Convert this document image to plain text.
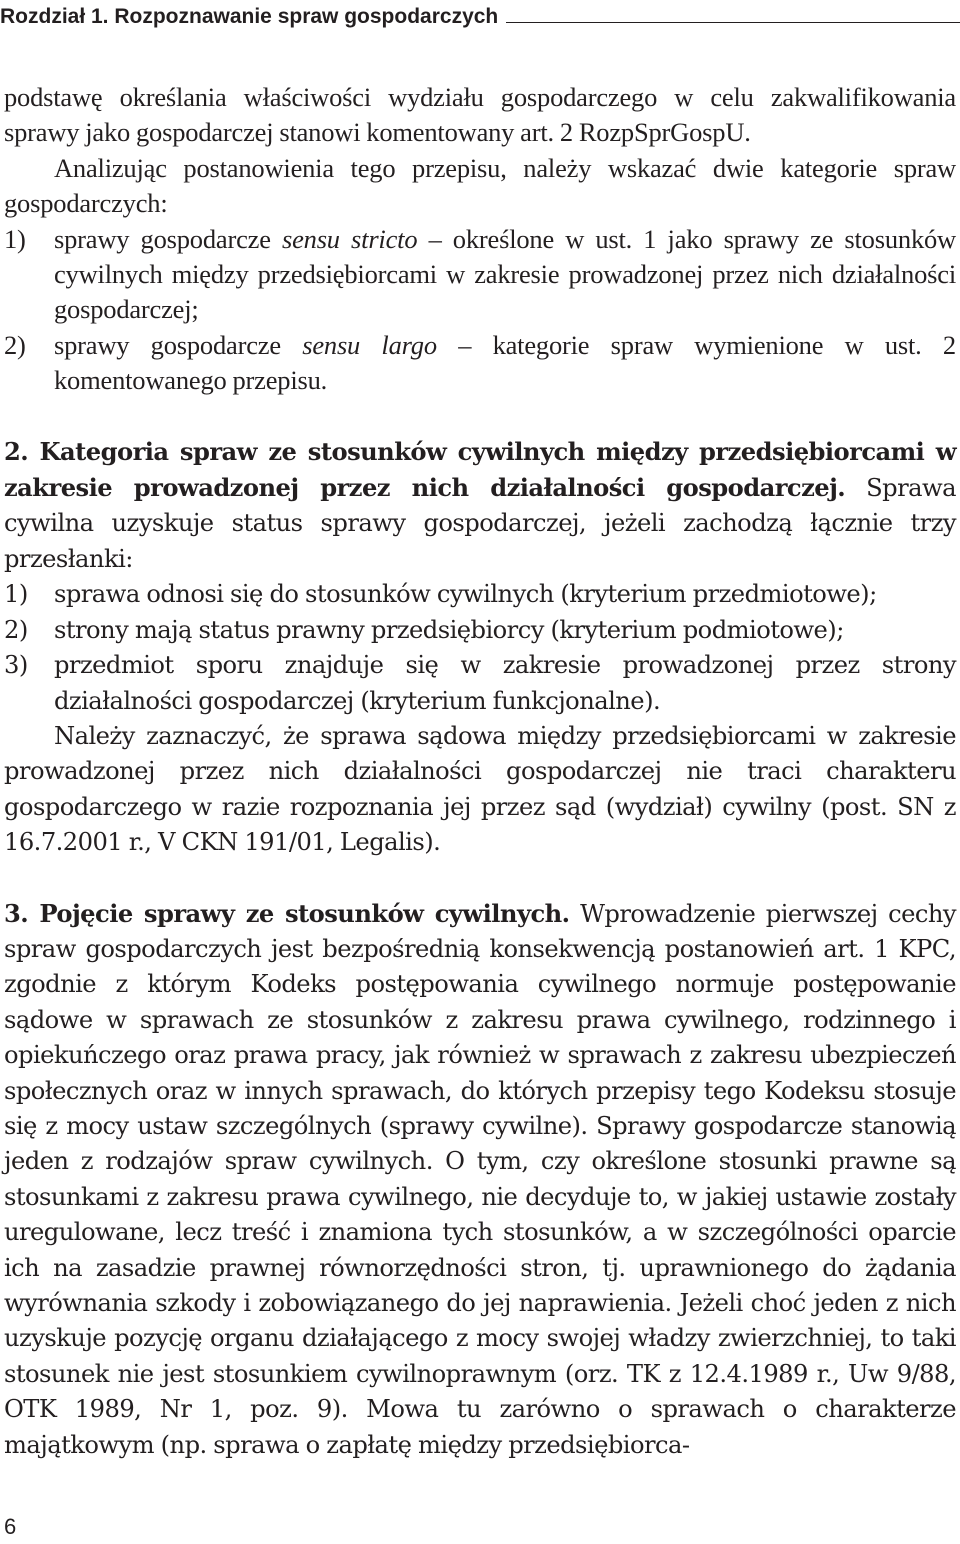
Rozdział 1. Rozpoznawanie spraw gospodarczych

podstawę określania właściwości wydziału gospodarczego w celu zakwalifikowania sprawy jako gospodarczej stanowi komentowany art. 2 RozpSprGospU.

Analizując postanowienia tego przepisu, należy wskazać dwie kategorie spraw gospodarczych:

1)	sprawy gospodarcze sensu stricto – określone w ust. 1 jako sprawy ze stosunków cywilnych między przedsiębiorcami w zakresie prowadzonej przez nich działalności gospodarczej;
2)	sprawy gospodarcze sensu largo – kategorie spraw wymienione w ust. 2 komentowanego przepisu.

2. Kategoria spraw ze stosunków cywilnych między przedsiębiorcami w zakresie prowadzonej przez nich działalności gospodarczej. Sprawa cywilna uzyskuje status sprawy gospodarczej, jeżeli zachodzą łącznie trzy przesłanki:

1)	sprawa odnosi się do stosunków cywilnych (kryterium przedmiotowe);
2)	strony mają status prawny przedsiębiorcy (kryterium podmiotowe);
3)	przedmiot sporu znajduje się w zakresie prowadzonej przez strony działalności gospodarczej (kryterium funkcjonalne).

Należy zaznaczyć, że sprawa sądowa między przedsiębiorcami w zakresie prowadzonej przez nich działalności gospodarczej nie traci charakteru gospodarczego w razie rozpoznania jej przez sąd (wydział) cywilny (post. SN z 16.7.2001 r., V CKN 191/01, Legalis).

3. Pojęcie sprawy ze stosunków cywilnych. Wprowadzenie pierwszej cechy spraw gospodarczych jest bezpośrednią konsekwencją postanowień art. 1 KPC, zgodnie z którym Kodeks postępowania cywilnego normuje postępowanie sądowe w sprawach ze stosunków z zakresu prawa cywilnego, rodzinnego i opiekuńczego oraz prawa pracy, jak również w sprawach z zakresu ubezpieczeń społecznych oraz w innych sprawach, do których przepisy tego Kodeksu stosuje się z mocy ustaw szczególnych (sprawy cywilne). Sprawy gospodarcze stanowią jeden z rodzajów spraw cywilnych. O tym, czy określone stosunki prawne są stosunkami z zakresu prawa cywilnego, nie decyduje to, w jakiej ustawie zostały uregulowane, lecz treść i znamiona tych stosunków, a w szczególności oparcie ich na zasadzie prawnej równorzędności stron, tj. uprawnionego do żądania wyrównania szkody i zobowiązanego do jej naprawienia. Jeżeli choć jeden z nich uzyskuje pozycję organu działającego z mocy swojej władzy zwierzchniej, to taki stosunek nie jest stosunkiem cywilnoprawnym (orz. TK z 12.4.1989 r., Uw 9/88, OTK 1989, Nr 1, poz. 9). Mowa tu zarówno o sprawach o charakterze majątkowym (np. sprawa o zapłatę między przedsiębiorca-

6
